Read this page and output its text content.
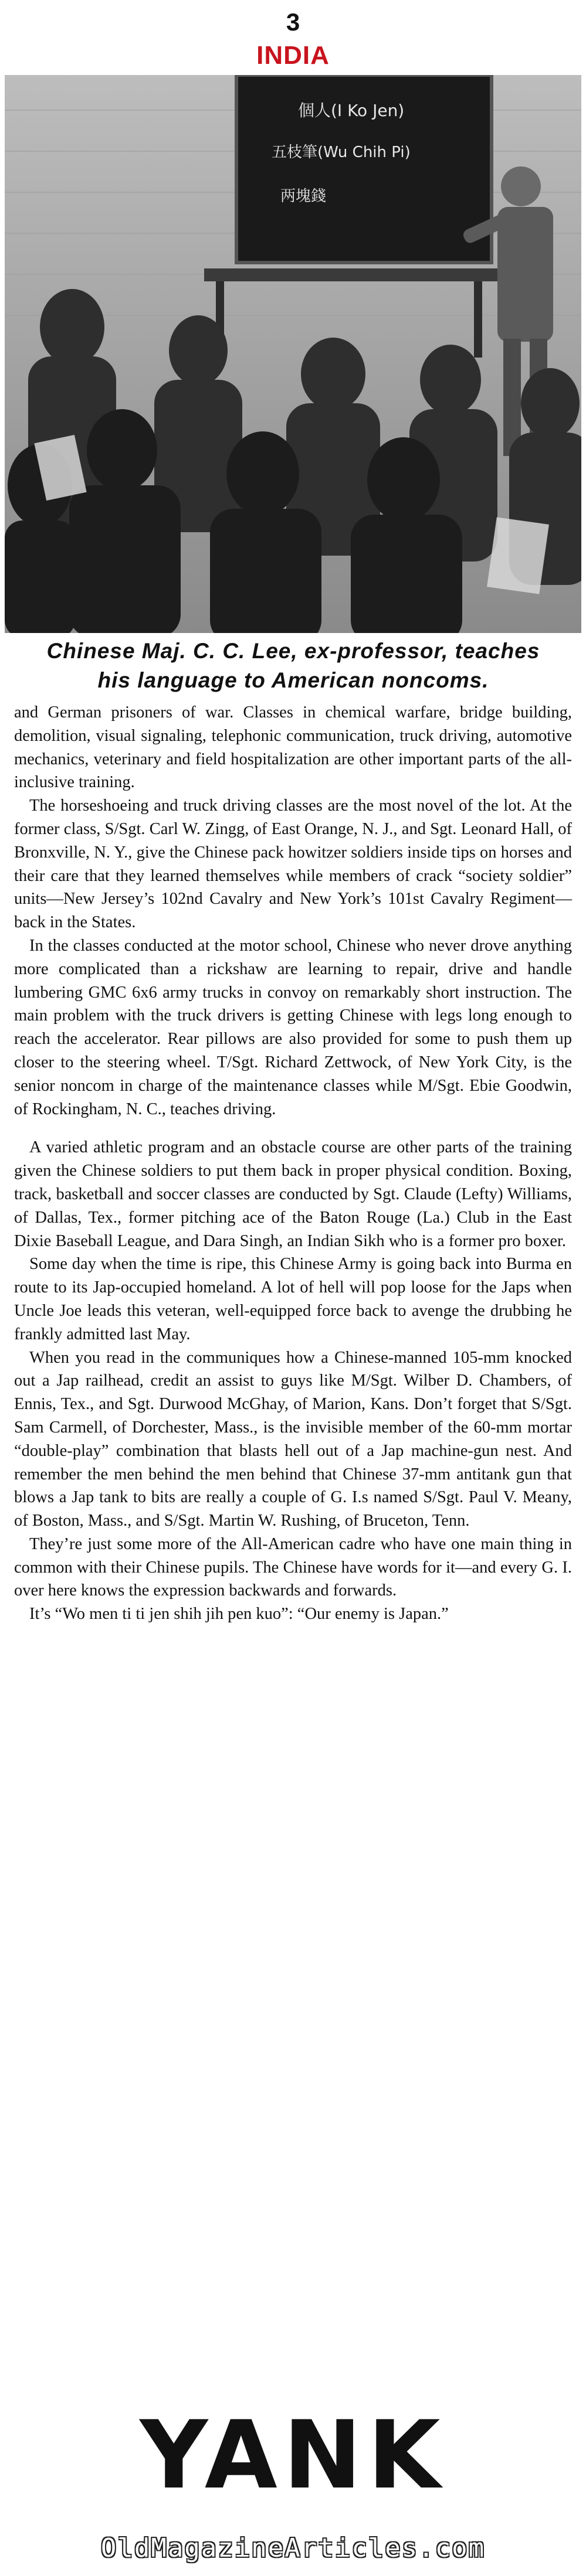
3
INDIA
個人(I Ko Jen)
五枝筆(Wu Chih Pi)
两塊錢
Chinese Maj. C. C. Lee, ex-professor, teaches
his language to American noncoms.

and German prisoners of war. Classes in chemical warfare, bridge building, demolition, visual signaling, telephonic communication, truck driving, automotive mechanics, veterinary and field hospitalization are other important parts of the all-inclusive training.

The horseshoeing and truck driving classes are the most novel of the lot. At the former class, S/Sgt. Carl W. Zingg, of East Orange, N. J., and Sgt. Leonard Hall, of Bronxville, N. Y., give the Chinese pack howitzer soldiers inside tips on horses and their care that they learned themselves while members of crack “society soldier” units—New Jersey’s 102nd Cavalry and New York’s 101st Cavalry Regiment—back in the States.

In the classes conducted at the motor school, Chinese who never drove anything more complicated than a rickshaw are learning to repair, drive and handle lumbering GMC 6x6 army trucks in convoy on remarkably short instruction. The main problem with the truck drivers is getting Chinese with legs long enough to reach the accelerator. Rear pillows are also provided for some to push them up closer to the steering wheel. T/Sgt. Richard Zettwock, of New York City, is the senior noncom in charge of the maintenance classes while M/Sgt. Ebie Goodwin, of Rockingham, N. C., teaches driving.

A varied athletic program and an obstacle course are other parts of the training given the Chinese soldiers to put them back in proper physical condition. Boxing, track, basketball and soccer classes are conducted by Sgt. Claude (Lefty) Williams, of Dallas, Tex., former pitching ace of the Baton Rouge (La.) Club in the East Dixie Baseball League, and Dara Singh, an Indian Sikh who is a former pro boxer.

Some day when the time is ripe, this Chinese Army is going back into Burma en route to its Jap-occupied homeland. A lot of hell will pop loose for the Japs when Uncle Joe leads this veteran, well-equipped force back to avenge the drubbing he frankly admitted last May.

When you read in the communiques how a Chinese-manned 105-mm knocked out a Jap railhead, credit an assist to guys like M/Sgt. Wilber D. Chambers, of Ennis, Tex., and Sgt. Durwood McGhay, of Marion, Kans. Don’t forget that S/Sgt. Sam Carmell, of Dorchester, Mass., is the invisible member of the 60-mm mortar “double-play” combination that blasts hell out of a Jap machine-gun nest. And remember the men behind the men behind that Chinese 37-mm antitank gun that blows a Jap tank to bits are really a couple of G. I.s named S/Sgt. Paul V. Meany, of Boston, Mass., and S/Sgt. Martin W. Rushing, of Bruceton, Tenn.

They’re just some more of the All-American cadre who have one main thing in common with their Chinese pupils. The Chinese have words for it—and every G. I. over here knows the expression backwards and forwards.

It’s “Wo men ti ti jen shih jih pen kuo”: “Our enemy is Japan.”

YANK
OldMagazineArticles.com
